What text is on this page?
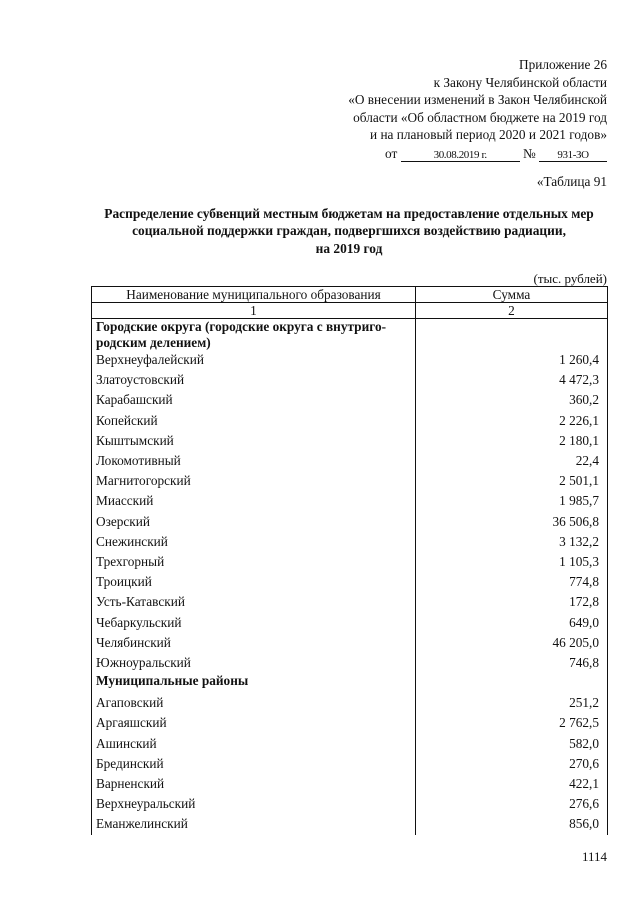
Приложение 26
к Закону Челябинской области
«О внесении изменений в Закон Челябинской
области «Об областном бюджете на 2019 год
и на плановый период 2020 и 2021 годов»
от	30.08.2019 г.	№ 931-ЗО
«Таблица 91
Распределение субвенций местным бюджетам на предоставление отдельных мер
социальной поддержки граждан, подвергшихся воздействию радиации,
на 2019 год
(тыс. рублей)
Наименование муниципального образования	Сумма
1	2
Городские округа (городские округа с внутриго-родским делением)	
Верхнеуфалейский	1 260,4
Златоустовский	4 472,3
Карабашский	360,2
Копейский	2 226,1
Кыштымский	2 180,1
Локомотивный	22,4
Магнитогорский	2 501,1
Миасский	1 985,7
Озерский	36 506,8
Снежинский	3 132,2
Трехгорный	1 105,3
Троицкий	774,8
Усть-Катавский	172,8
Чебаркульский	649,0
Челябинский	46 205,0
Южноуральский	746,8
Муниципальные районы	
Агаповский	251,2
Аргаяшский	2 762,5
Ашинский	582,0
Брединский	270,6
Варненский	422,1
Верхнеуральский	276,6
Еманжелинский	856,0
1114
